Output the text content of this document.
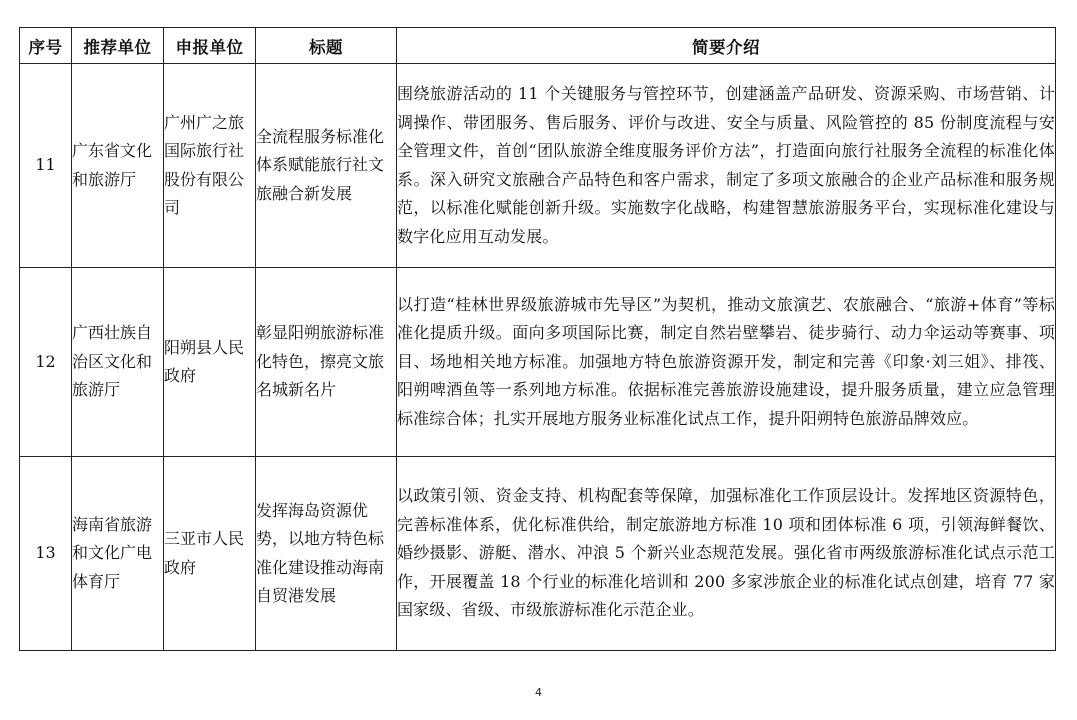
序号	推荐单位	申报单位	标题	简要介绍
11	广东省文化和旅游厅	广州广之旅国际旅行社股份有限公司	全流程服务标准化体系赋能旅行社文旅融合新发展	围绕旅游活动的 11 个关键服务与管控环节，创建涵盖产品研发、资源采购、市场营销、计调操作、带团服务、售后服务、评价与改进、安全与质量、风险管控的 85 份制度流程与安全管理文件，首创“团队旅游全维度服务评价方法”，打造面向旅行社服务全流程的标准化体系。深入研究文旅融合产品特色和客户需求，制定了多项文旅融合的企业产品标准和服务规范，以标准化赋能创新升级。实施数字化战略，构建智慧旅游服务平台，实现标准化建设与数字化应用互动发展。
12	广西壮族自治区文化和旅游厅	阳朔县人民政府	彰显阳朔旅游标准化特色，擦亮文旅名城新名片	以打造“桂林世界级旅游城市先导区”为契机，推动文旅演艺、农旅融合、“旅游+体育”等标准化提质升级。面向多项国际比赛，制定自然岩壁攀岩、徒步骑行、动力伞运动等赛事、项目、场地相关地方标准。加强地方特色旅游资源开发，制定和完善《印象·刘三姐》、排筏、阳朔啤酒鱼等一系列地方标准。依据标准完善旅游设施建设，提升服务质量，建立应急管理标准综合体；扎实开展地方服务业标准化试点工作，提升阳朔特色旅游品牌效应。
13	海南省旅游和文化广电体育厅	三亚市人民政府	发挥海岛资源优势，以地方特色标准化建设推动海南自贸港发展	以政策引领、资金支持、机构配套等保障，加强标准化工作顶层设计。发挥地区资源特色，完善标准体系，优化标准供给，制定旅游地方标准 10 项和团体标准 6 项，引领海鲜餐饮、婚纱摄影、游艇、潜水、冲浪 5 个新兴业态规范发展。强化省市两级旅游标准化试点示范工作，开展覆盖 18 个行业的标准化培训和 200 多家涉旅企业的标准化试点创建，培育 77 家国家级、省级、市级旅游标准化示范企业。
4
